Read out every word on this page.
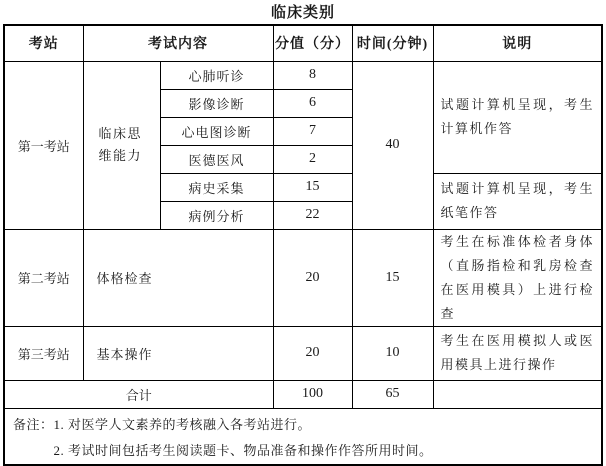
临床类别
考站	考试内容		分值（分）	时间(分钟)	说明
第一考站	临床思维能力	心肺听诊	8	40	试题计算机呈现，考生计算机作答
		影像诊断	6		
		心电图诊断	7		
		医德医风	2		
		病史采集	15		试题计算机呈现，考生纸笔作答
		病例分析	22		
第二考站	体格检查		20	15	考生在标准体检者身体（直肠指检和乳房检查在医用模具）上进行检查
第三考站	基本操作		20	10	考生在医用模拟人或医用模具上进行操作
合计			100	65	

备注： 1. 对医学人文素养的考核融入各考站进行。
2. 考试时间包括考生阅读题卡、物品准备和操作作答所用时间。					
